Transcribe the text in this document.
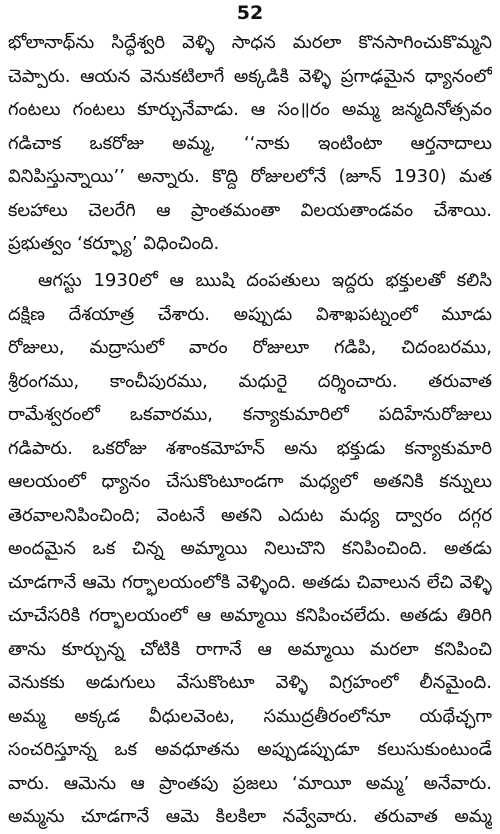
52
భోలానాథ్‌ను సిద్ధేశ్వరి వెళ్ళి సాధన మరలా కొనసాగించుకొమ్మని
చెప్పారు. ఆయన వెనుకటిలాగే అక్కడికి వెళ్ళి ప్రగాఢమైన ధ్యానంలో
గంటలు గంటలు కూర్చునేవాడు. ఆ సం॥రం అమ్మ జన్మదినోత్సవం
గడిచాక ఒకరోజు అమ్మ, ‘‘నాకు ఇంటింటా ఆర్తనాదాలు
వినిపిస్తున్నాయి’’ అన్నారు. కొద్ది రోజులలోనే (జూన్ 1930) మత
కలహాలు చెలరేగి ఆ ప్రాంతమంతా విలయతాండవం చేశాయి.
ప్రభుత్వం ‘కర్ఫ్యూ’ విధించింది.
ఆగస్టు 1930లో ఆ ఋషి దంపతులు ఇద్దరు భక్తులతో కలిసి
దక్షిణ దేశయాత్ర చేశారు. అప్పుడు విశాఖపట్నంలో మూడు
రోజులు, మద్రాసులో వారం రోజులూ గడిపి, చిదంబరము,
శ్రీరంగము, కాంచీపురము, మధురై దర్శించారు. తరువాత
రామేశ్వరంలో ఒకవారము, కన్యాకుమారిలో పదిహేనురోజులు
గడిపారు. ఒకరోజు శశాంకమోహన్ అను భక్తుడు కన్యాకుమారి
ఆలయంలో ధ్యానం చేసుకొంటూండగా మధ్యలో అతనికి కన్నులు
తెరవాలనిపించింది; వెంటనే అతని ఎదుట మధ్య ద్వారం దగ్గర
అందమైన ఒక చిన్న అమ్మాయి నిలుచొని కనిపించింది. అతడు
చూడగానే ఆమె గర్భాలయంలోకి వెళ్ళింది. అతడు చివాలున లేచి వెళ్ళి
చూచేసరికి గర్భాలయంలో ఆ అమ్మాయి కనిపించలేదు. అతడు తిరిగి
తాను కూర్చున్న చోటికి రాగానే ఆ అమ్మాయి మరలా కనిపించి
వెనుకకు అడుగులు వేసుకొంటూ వెళ్ళి విగ్రహంలో లీనమైంది.
అమ్మ అక్కడ వీధులవెంట, సముద్రతీరంలోనూ యథేచ్ఛగా
సంచరిస్తూన్న ఒక అవధూతను అప్పుడప్పుడూ కలుసుకుంటుండే
వారు. ఆమెను ఆ ప్రాంతపు ప్రజలు ‘మాయీ అమ్మ’ అనేవారు.
అమ్మను చూడగానే ఆమె కిలకిలా నవ్వేవారు. తరువాత అమ్మ
